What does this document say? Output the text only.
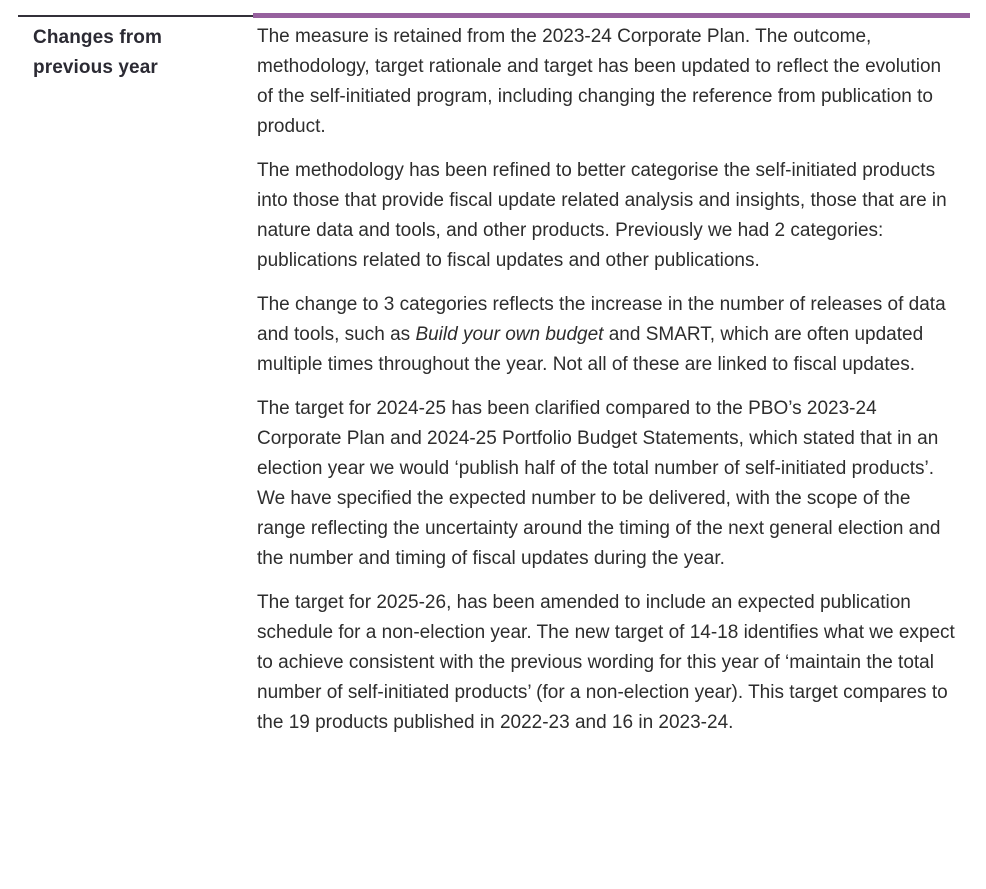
Changes from previous year

The measure is retained from the 2023-24 Corporate Plan. The outcome, methodology, target rationale and target has been updated to reflect the evolution of the self-initiated program, including changing the reference from publication to product.

The methodology has been refined to better categorise the self-initiated products into those that provide fiscal update related analysis and insights, those that are in nature data and tools, and other products. Previously we had 2 categories: publications related to fiscal updates and other publications.

The change to 3 categories reflects the increase in the number of releases of data and tools, such as Build your own budget and SMART, which are often updated multiple times throughout the year. Not all of these are linked to fiscal updates.

The target for 2024-25 has been clarified compared to the PBO’s 2023-24 Corporate Plan and 2024-25 Portfolio Budget Statements, which stated that in an election year we would ‘publish half of the total number of self-initiated products’. We have specified the expected number to be delivered, with the scope of the range reflecting the uncertainty around the timing of the next general election and the number and timing of fiscal updates during the year.

The target for 2025-26, has been amended to include an expected publication schedule for a non-election year. The new target of 14-18 identifies what we expect to achieve consistent with the previous wording for this year of ‘maintain the total number of self-initiated products’ (for a non-election year). This target compares to the 19 products published in 2022-23 and 16 in 2023-24.
